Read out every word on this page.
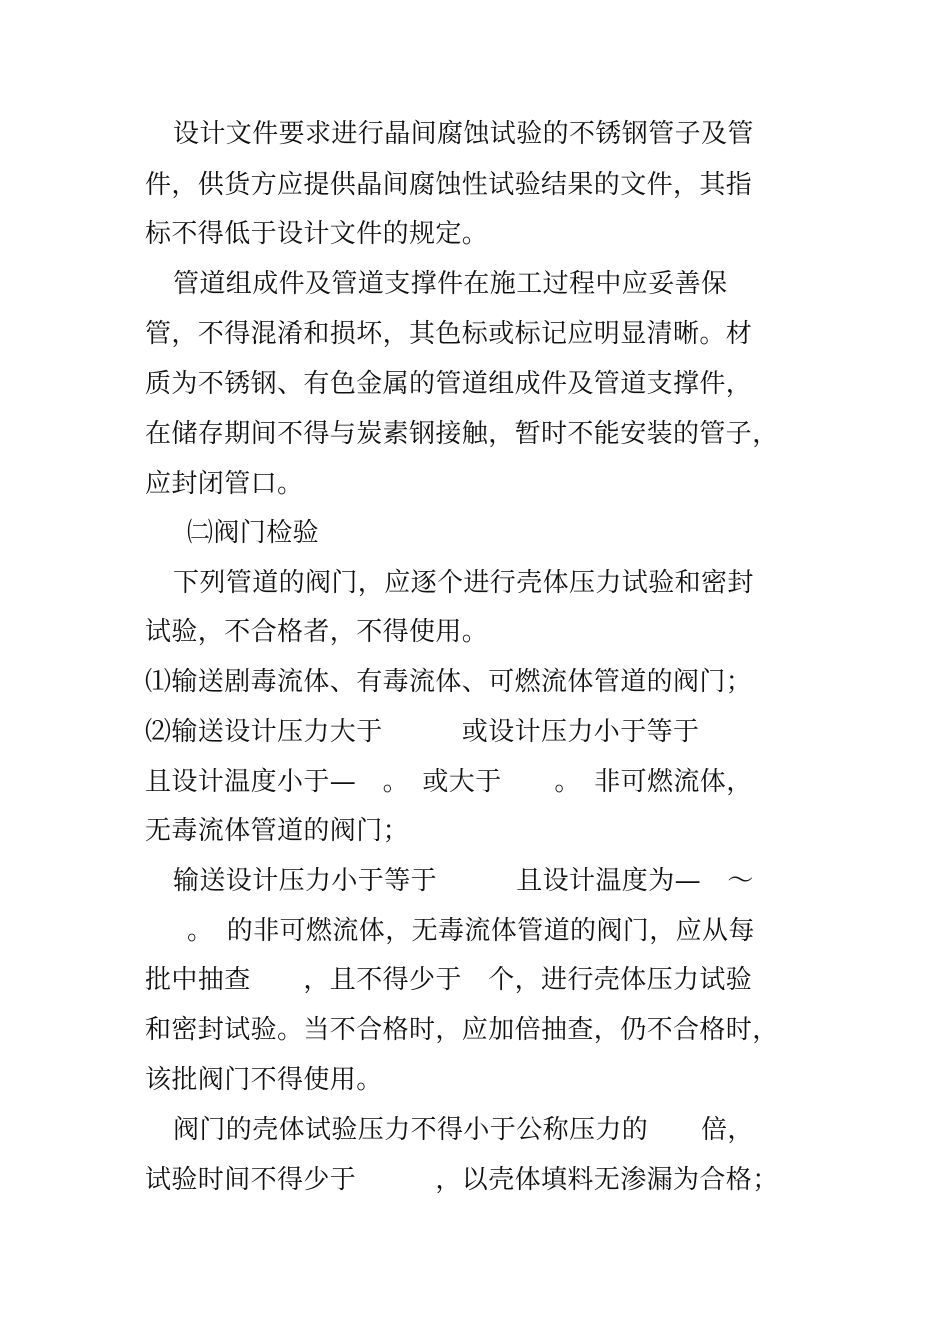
设计文件要求进行晶间腐蚀试验的不锈钢管子及管
件，供货方应提供晶间腐蚀性试验结果的文件，其指
标不得低于设计文件的规定。
管道组成件及管道支撑件在施工过程中应妥善保
管，不得混淆和损坏，其色标或标记应明显清晰。材
质为不锈钢、有色金属的管道组成件及管道支撑件，
在储存期间不得与炭素钢接触，暂时不能安装的管子，
应封闭管口。
㈡阀门检验
下列管道的阀门，应逐个进行壳体压力试验和密封
试验，不合格者，不得使用。
⑴输送剧毒流体、有毒流体、可燃流体管道的阀门；
⑵输送设计压力大于　　　或设计压力小于等于
且设计温度小于—　。　或大于　　。　非可燃流体，
无毒流体管道的阀门；
输送设计压力小于等于　　　且设计温度为—　～
。　的非可燃流体，无毒流体管道的阀门，应从每
批中抽查　　，且不得少于　个，进行壳体压力试验
和密封试验。当不合格时，应加倍抽查，仍不合格时，
该批阀门不得使用。
阀门的壳体试验压力不得小于公称压力的　　倍，
试验时间不得少于　　　，以壳体填料无渗漏为合格；
